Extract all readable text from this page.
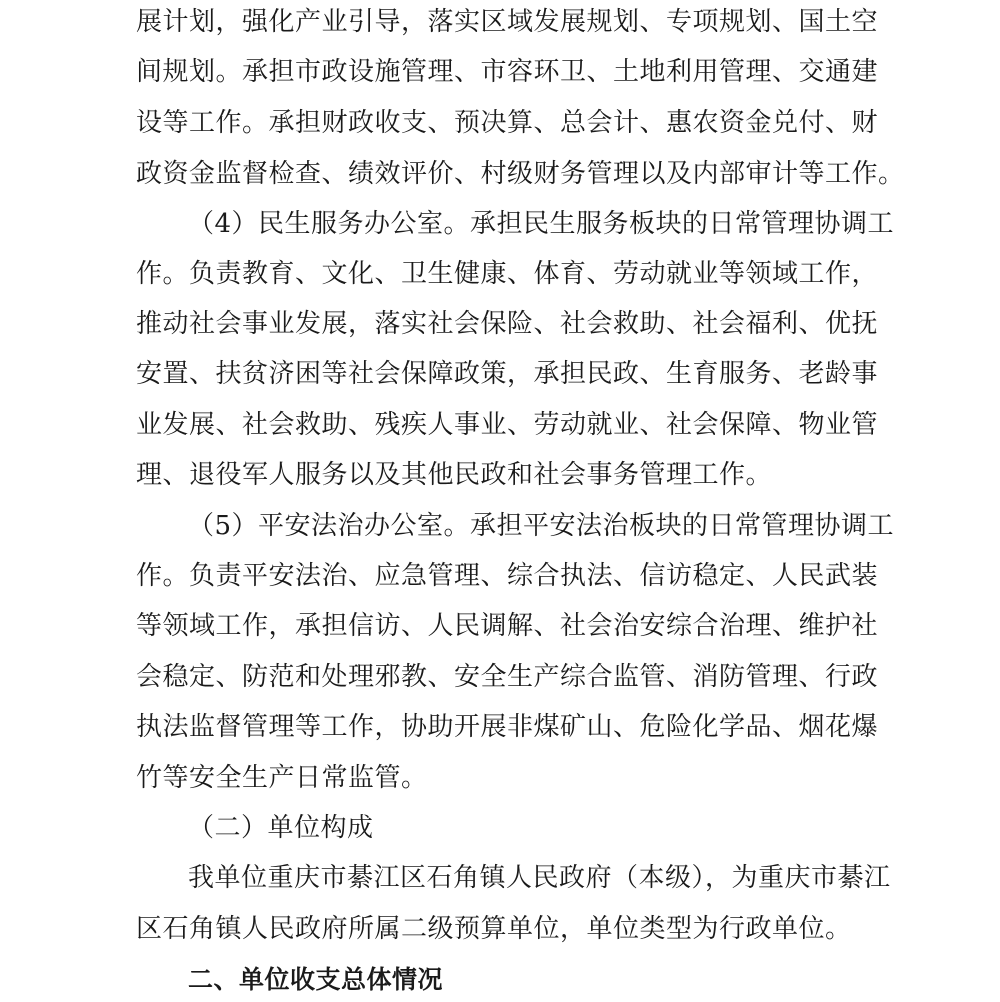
展计划，强化产业引导，落实区域发展规划、专项规划、国土空
间规划。承担市政设施管理、市容环卫、土地利用管理、交通建
设等工作。承担财政收支、预决算、总会计、惠农资金兑付、财
政资金监督检查、绩效评价、村级财务管理以及内部审计等工作。
（4）民生服务办公室。承担民生服务板块的日常管理协调工
作。负责教育、文化、卫生健康、体育、劳动就业等领域工作，
推动社会事业发展，落实社会保险、社会救助、社会福利、优抚
安置、扶贫济困等社会保障政策，承担民政、生育服务、老龄事
业发展、社会救助、残疾人事业、劳动就业、社会保障、物业管
理、退役军人服务以及其他民政和社会事务管理工作。
（5）平安法治办公室。承担平安法治板块的日常管理协调工
作。负责平安法治、应急管理、综合执法、信访稳定、人民武装
等领域工作，承担信访、人民调解、社会治安综合治理、维护社
会稳定、防范和处理邪教、安全生产综合监管、消防管理、行政
执法监督管理等工作，协助开展非煤矿山、危险化学品、烟花爆
竹等安全生产日常监管。
（二）单位构成
我单位重庆市綦江区石角镇人民政府（本级），为重庆市綦江
区石角镇人民政府所属二级预算单位，单位类型为行政单位。
二、单位收支总体情况
